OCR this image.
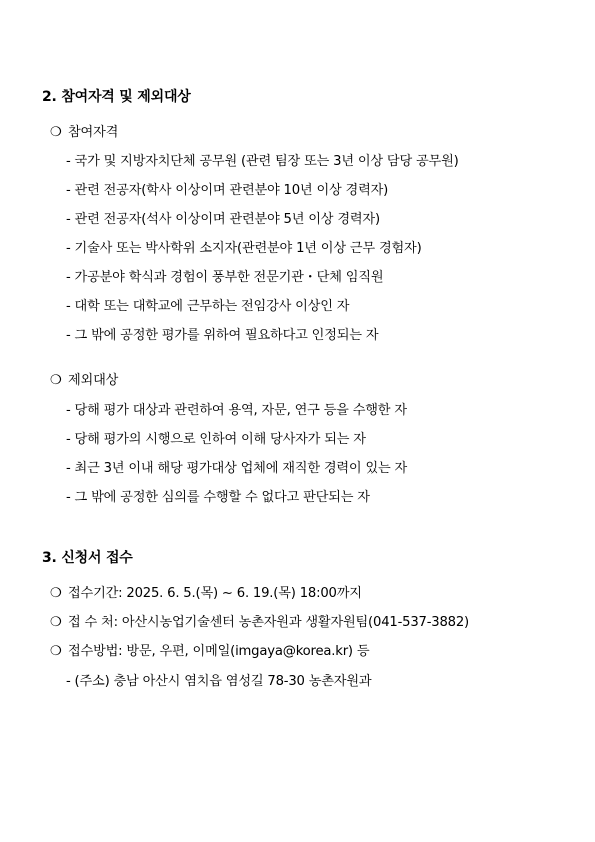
2. 참여자격 및 제외대상
❍ 참여자격
- 국가 및 지방자치단체 공무원 (관련 팀장 또는 3년 이상 담당 공무원)
- 관련 전공자(학사 이상이며 관련분야 10년 이상 경력자)
- 관련 전공자(석사 이상이며 관련분야 5년 이상 경력자)
- 기술사 또는 박사학위 소지자(관련분야 1년 이상 근무 경험자)
- 가공분야 학식과 경험이 풍부한 전문기관・단체 임직원
- 대학 또는 대학교에 근무하는 전임강사 이상인 자
- 그 밖에 공정한 평가를 위하여 필요하다고 인정되는 자
❍ 제외대상
- 당해 평가 대상과 관련하여 용역, 자문, 연구 등을 수행한 자
- 당해 평가의 시행으로 인하여 이해 당사자가 되는 자
- 최근 3년 이내 해당 평가대상 업체에 재직한 경력이 있는 자
- 그 밖에 공정한 심의를 수행할 수 없다고 판단되는 자
3. 신청서 접수
❍ 접수기간: 2025. 6. 5.(목) ~ 6. 19.(목) 18:00까지
❍ 접 수 처: 아산시농업기술센터 농촌자원과 생활자원팀(041-537-3882)
❍ 접수방법: 방문, 우편, 이메일(imgaya@korea.kr) 등
- (주소) 충남 아산시 염치읍 염성길 78-30 농촌자원과
